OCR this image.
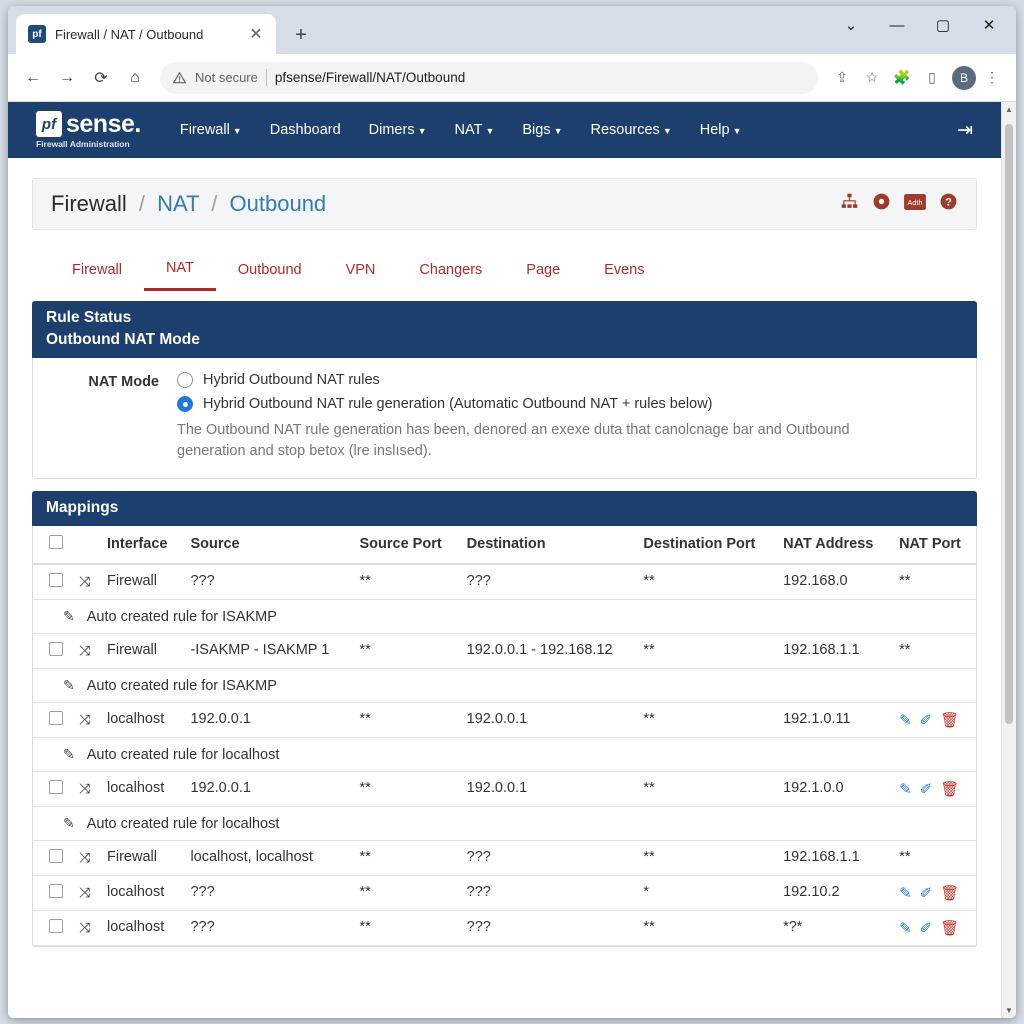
pf	Firewall / NAT / Outbound	✕	+	⌄	—	▢	✕
←	→	⟳	⌂	Not secure pfsense/Firewall/NAT/Outbound	⇪	☆	🧩	▯	B	⋮
pf sense.
Firewall Administration
Firewall ▼	Dashboard	Dimers ▼	NAT ▼	Bigs ▼	Resources ▼	Help ▼	⇥
Firewall / NAT / Outbound	Adth ?
Firewall	NAT	Outbound	VPN	Changers	Page	Evens
Rule Status
Outbound NAT Mode
NAT Mode	Hybrid Outbound NAT rules
Hybrid Outbound NAT rule generation (Automatic Outbound NAT + rules below)
The Outbound NAT rule generation has been, denored an exexe duta that canolcnage bar and Outbound generation and stop betox (lre inslısed).
Mappings
		Interface	Source	Source Port	Destination	Destination Port	NAT Address	NAT Port
	⤨	Firewall	???	**	???	**	192.168.0	**

✎ Auto created rule for ISAKMP								

	⤨	Firewall	-ISAKMP - ISAKMP 1	**	192.0.0.1 - 192.168.12	**	192.168.1.1	**

✎ Auto created rule for ISAKMP								

	⤨	localhost	192.0.0.1	**	192.0.0.1	**	192.1.0.11	✎ ✐ 🗑

✎ Auto created rule for localhost								

	⤨	localhost	192.0.0.1	**	192.0.0.1	**	192.1.0.0	✎ ✐ 🗑

✎ Auto created rule for localhost								

	⤨	Firewall	localhost, localhost	**	???	**	192.168.1.1	**
	⤨	localhost	???	**	???	*	192.10.2	✎ ✐ 🗑

	⤨	localhost	???	**	???	**	*?*	✎ ✐ 🗑
▲
▼
